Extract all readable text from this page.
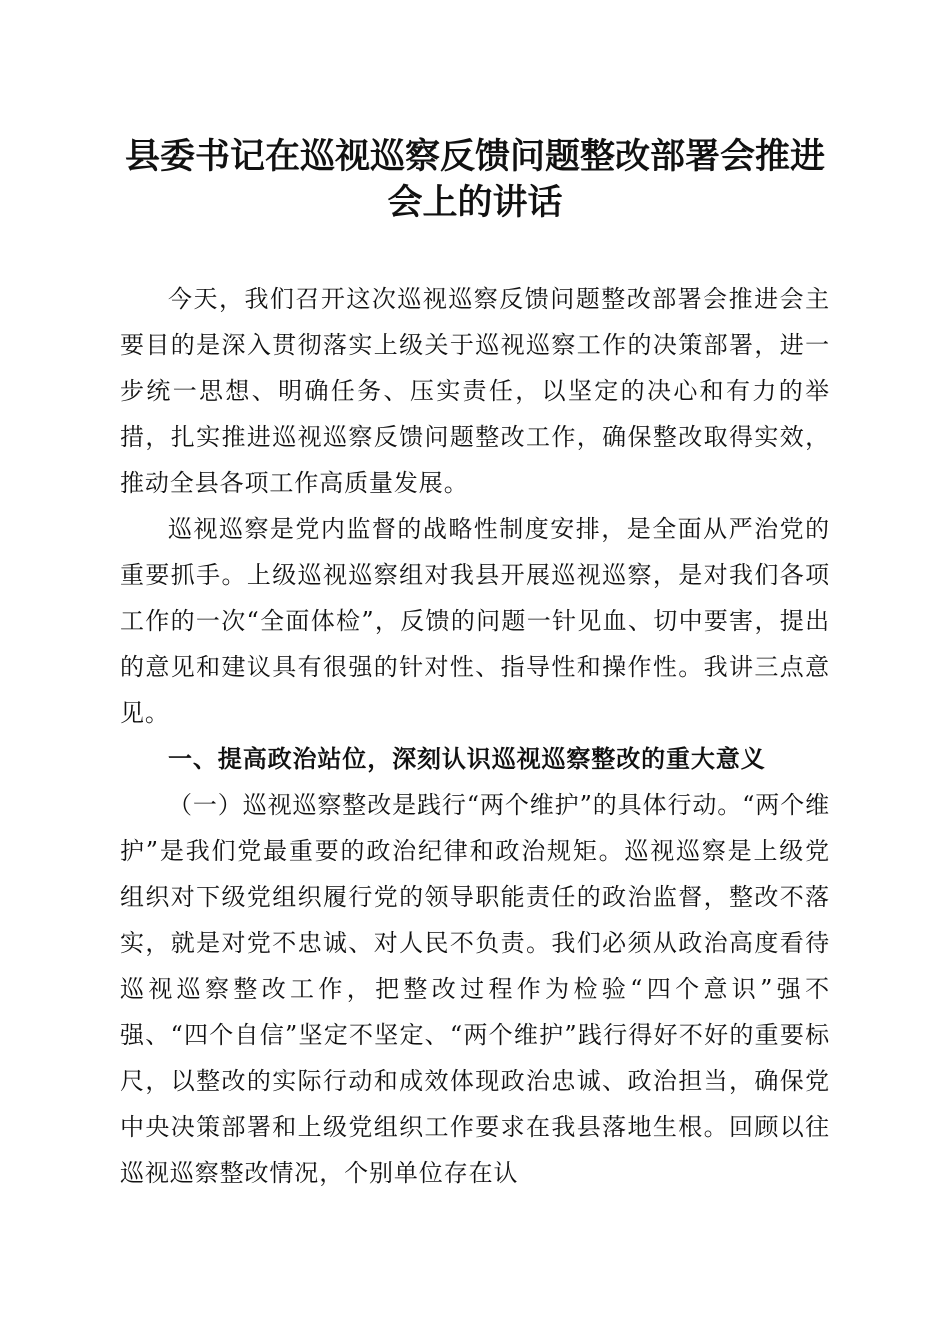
县委书记在巡视巡察反馈问题整改部署会推进会上的讲话

今天，我们召开这次巡视巡察反馈问题整改部署会推进会主要目的是深入贯彻落实上级关于巡视巡察工作的决策部署，进一步统一思想、明确任务、压实责任，以坚定的决心和有力的举措，扎实推进巡视巡察反馈问题整改工作，确保整改取得实效，推动全县各项工作高质量发展。

巡视巡察是党内监督的战略性制度安排，是全面从严治党的重要抓手。上级巡视巡察组对我县开展巡视巡察，是对我们各项工作的一次“全面体检”，反馈的问题一针见血、切中要害，提出的意见和建议具有很强的针对性、指导性和操作性。我讲三点意见。

一、提高政治站位，深刻认识巡视巡察整改的重大意义

（一）巡视巡察整改是践行“两个维护”的具体行动。“两个维护”是我们党最重要的政治纪律和政治规矩。巡视巡察是上级党组织对下级党组织履行党的领导职能责任的政治监督，整改不落实，就是对党不忠诚、对人民不负责。我们必须从政治高度看待巡视巡察整改工作，把整改过程作为检验“四个意识”强不强、“四个自信”坚定不坚定、“两个维护”践行得好不好的重要标尺，以整改的实际行动和成效体现政治忠诚、政治担当，确保党中央决策部署和上级党组织工作要求在我县落地生根。回顾以往巡视巡察整改情况，个别单位存在认
